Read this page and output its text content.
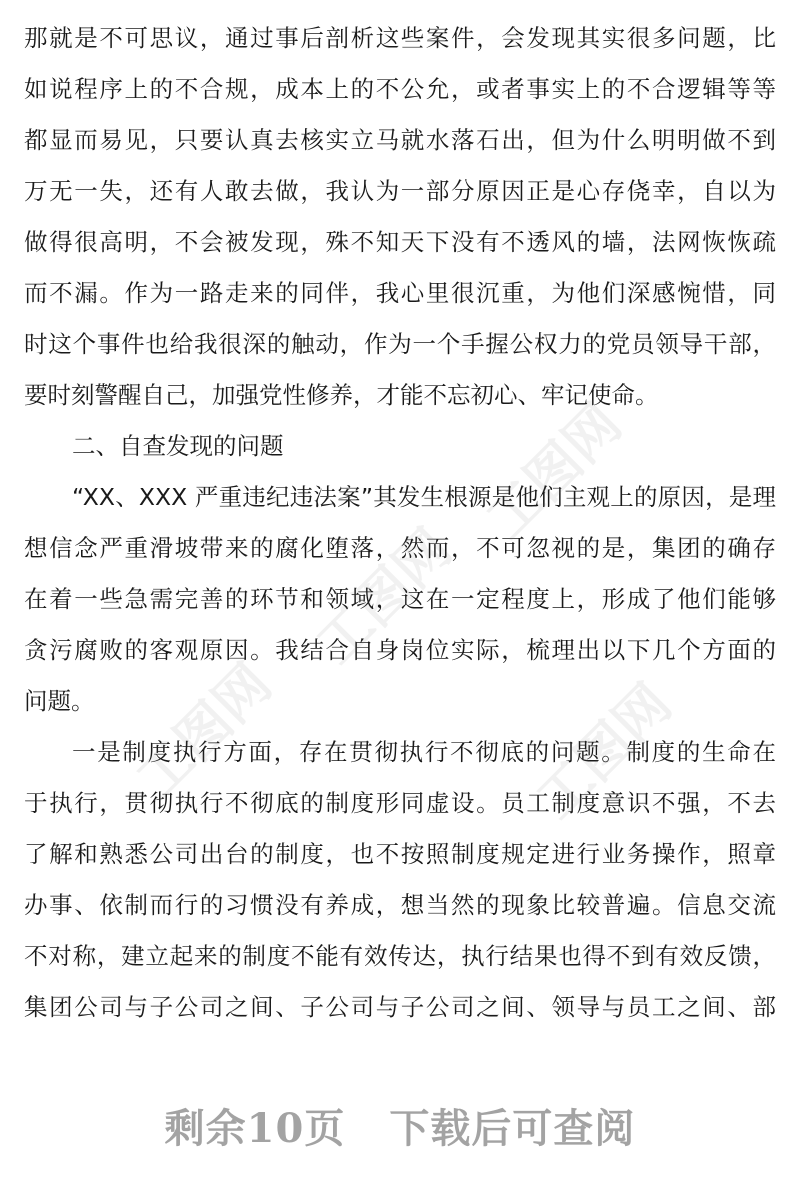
那就是不可思议，通过事后剖析这些案件，会发现其实很多问题，比
如说程序上的不合规，成本上的不公允，或者事实上的不合逻辑等等
都显而易见，只要认真去核实立马就水落石出，但为什么明明做不到
万无一失，还有人敢去做，我认为一部分原因正是心存侥幸，自以为
做得很高明，不会被发现，殊不知天下没有不透风的墙，法网恢恢疏
而不漏。作为一路走来的同伴，我心里很沉重，为他们深感惋惜，同
时这个事件也给我很深的触动，作为一个手握公权力的党员领导干部，
要时刻警醒自己，加强党性修养，才能不忘初心、牢记使命。
二、自查发现的问题
“XX、XXX 严重违纪违法案”其发生根源是他们主观上的原因，是理
想信念严重滑坡带来的腐化堕落，然而，不可忽视的是，集团的确存
在着一些急需完善的环节和领域，这在一定程度上，形成了他们能够
贪污腐败的客观原因。我结合自身岗位实际，梳理出以下几个方面的
问题。
一是制度执行方面，存在贯彻执行不彻底的问题。制度的生命在
于执行，贯彻执行不彻底的制度形同虚设。员工制度意识不强，不去
了解和熟悉公司出台的制度，也不按照制度规定进行业务操作，照章
办事、依制而行的习惯没有养成，想当然的现象比较普遍。信息交流
不对称，建立起来的制度不能有效传达，执行结果也得不到有效反馈，
集团公司与子公司之间、子公司与子公司之间、领导与员工之间、部
工图网
工图网
工图网	工图网
剩余10页 下载后可查阅
